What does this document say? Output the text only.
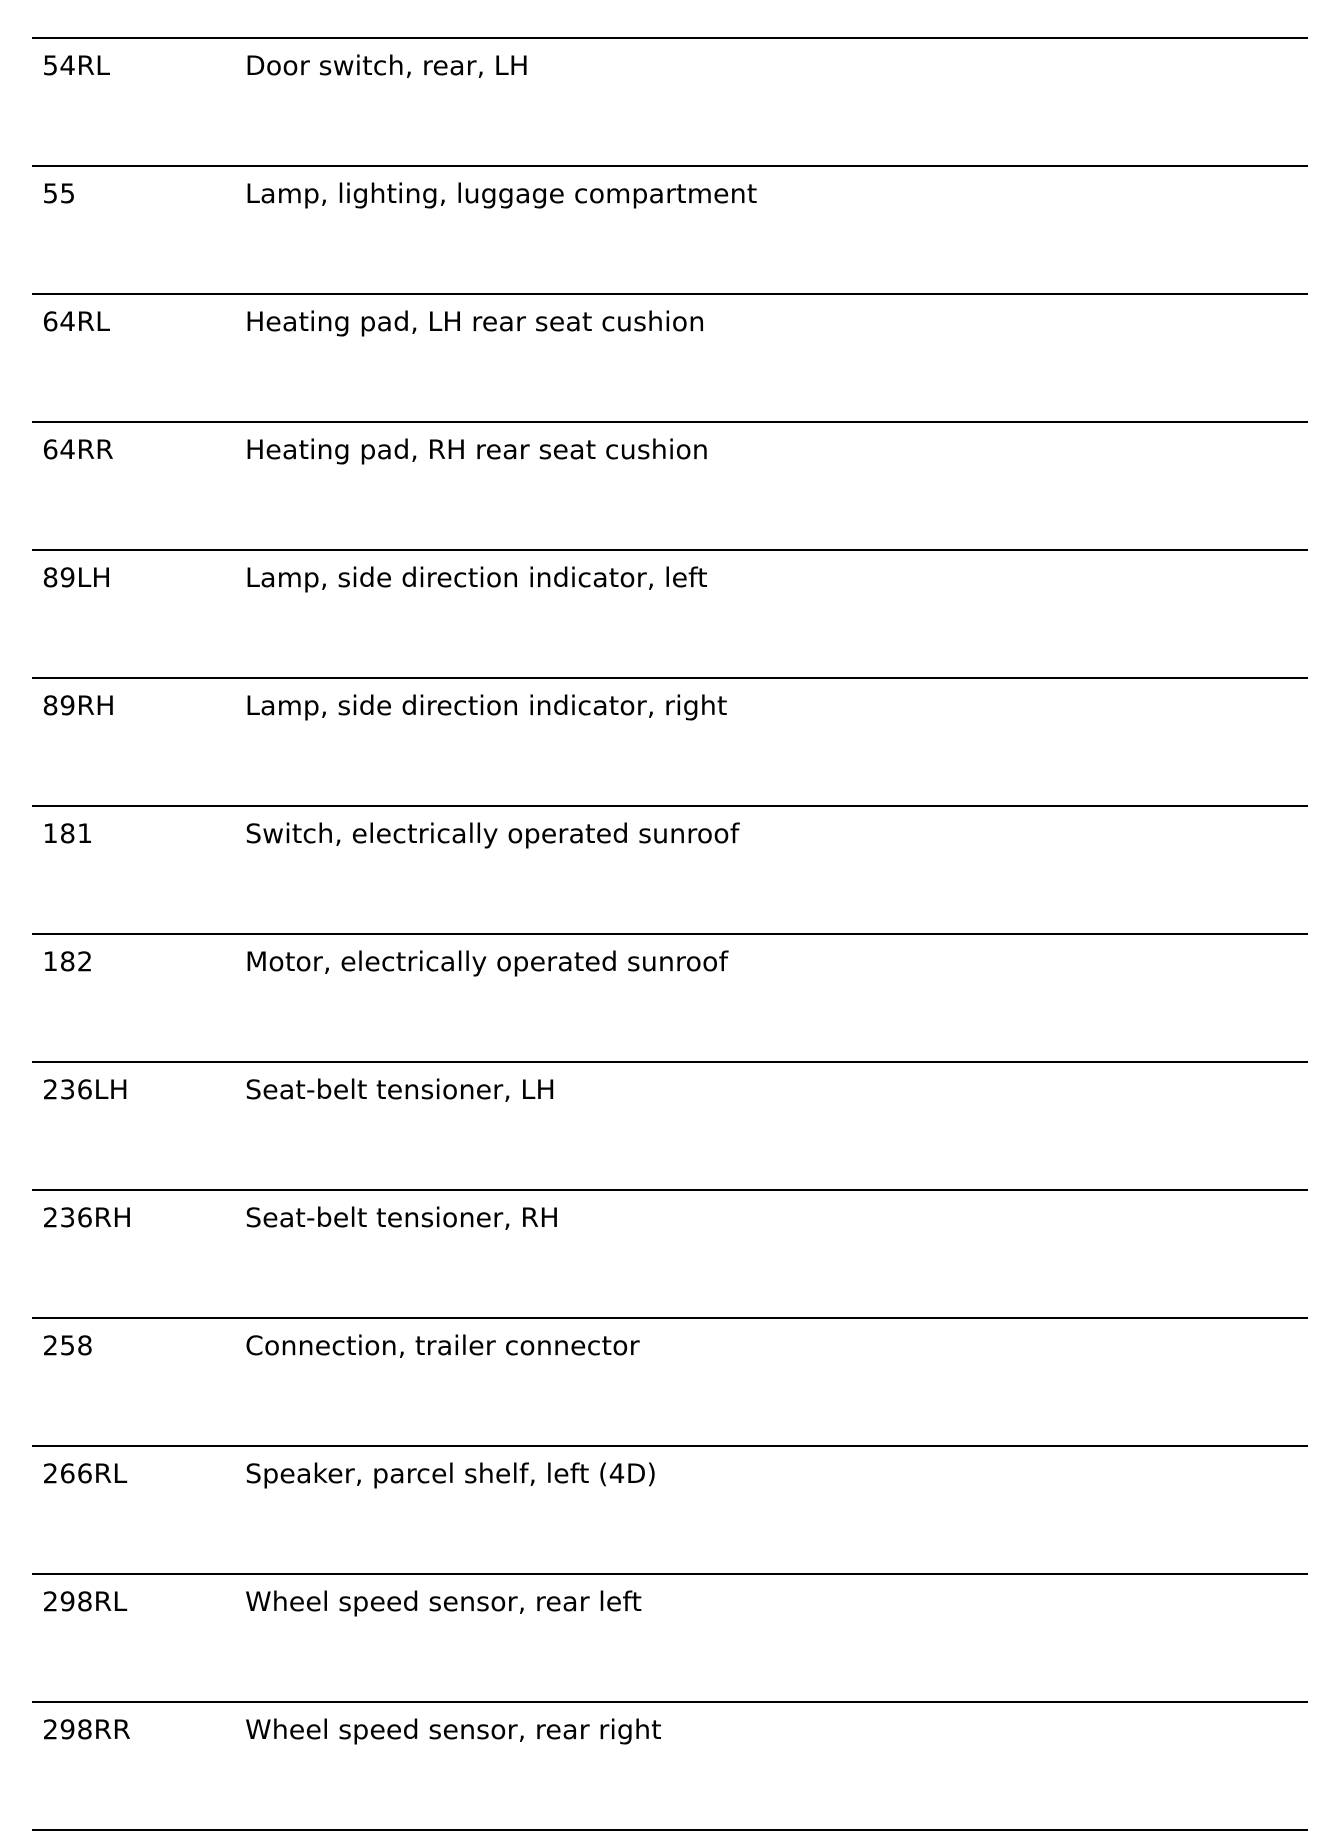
54RL	Door switch, rear, LH
55	Lamp, lighting, luggage compartment
64RL	Heating pad, LH rear seat cushion
64RR	Heating pad, RH rear seat cushion
89LH	Lamp, side direction indicator, left
89RH	Lamp, side direction indicator, right
181	Switch, electrically operated sunroof
182	Motor, electrically operated sunroof
236LH	Seat-belt tensioner, LH
236RH	Seat-belt tensioner, RH
258	Connection, trailer connector
266RL	Speaker, parcel shelf, left (4D)
298RL	Wheel speed sensor, rear left
298RR	Wheel speed sensor, rear right
